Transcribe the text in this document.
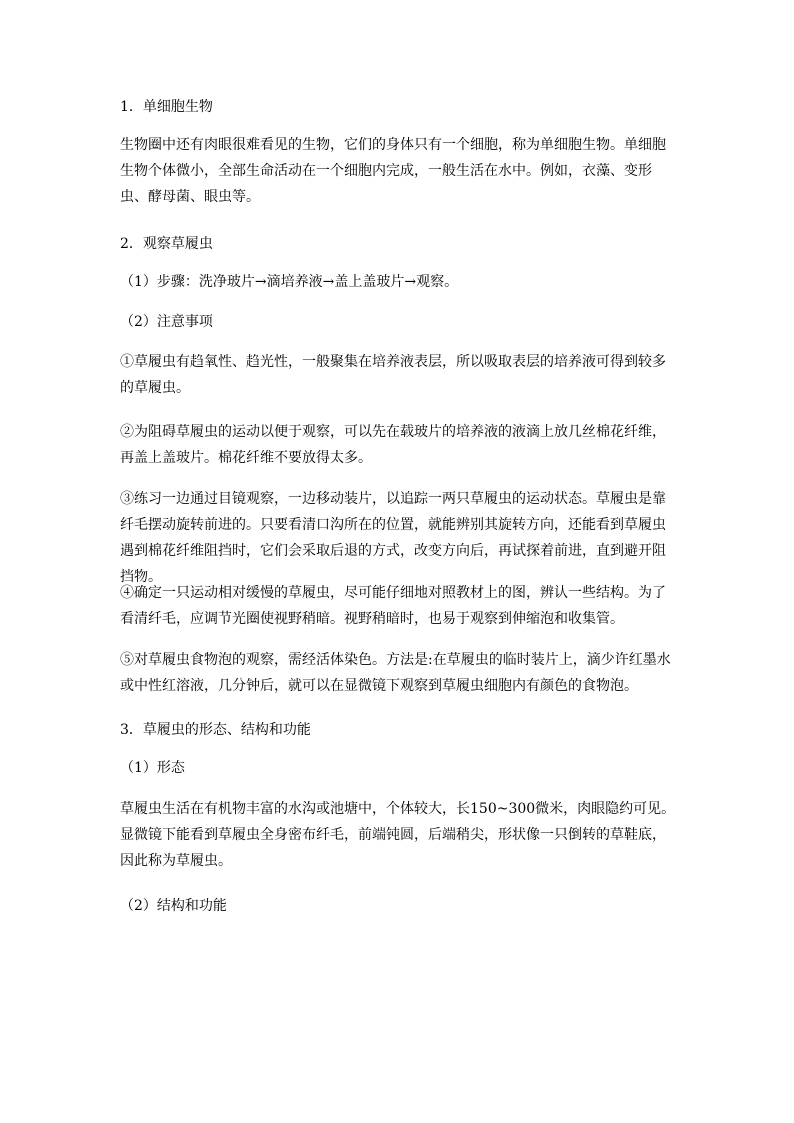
1．单细胞生物
生物圈中还有肉眼很难看见的生物，它们的身体只有一个细胞，称为单细胞生物。单细胞生物个体微小，全部生命活动在一个细胞内完成，一般生活在水中。例如，衣藻、变形虫、酵母菌、眼虫等。
2．观察草履虫
（1）步骤：洗净玻片→滴培养液→盖上盖玻片→观察。
（2）注意事项
①草履虫有趋氧性、趋光性，一般聚集在培养液表层，所以吸取表层的培养液可得到较多的草履虫。
②为阻碍草履虫的运动以便于观察，可以先在载玻片的培养液的液滴上放几丝棉花纤维，再盖上盖玻片。棉花纤维不要放得太多。
③练习一边通过目镜观察，一边移动装片，以追踪一两只草履虫的运动状态。草履虫是靠纤毛摆动旋转前进的。只要看清口沟所在的位置，就能辨别其旋转方向，还能看到草履虫遇到棉花纤维阻挡时，它们会采取后退的方式，改变方向后，再试探着前进，直到避开阻挡物。
④确定一只运动相对缓慢的草履虫，尽可能仔细地对照教材上的图，辨认一些结构。为了看清纤毛，应调节光圈使视野稍暗。视野稍暗时，也易于观察到伸缩泡和收集管。
⑤对草履虫食物泡的观察，需经活体染色。方法是:在草履虫的临时装片上，滴少许红墨水或中性红溶液，几分钟后，就可以在显微镜下观察到草履虫细胞内有颜色的食物泡。
3．草履虫的形态、结构和功能
（1）形态
草履虫生活在有机物丰富的水沟或池塘中，个体较大，长150~300微米，肉眼隐约可见。显微镜下能看到草履虫全身密布纤毛，前端钝圆，后端稍尖，形状像一只倒转的草鞋底，因此称为草履虫。
（2）结构和功能
